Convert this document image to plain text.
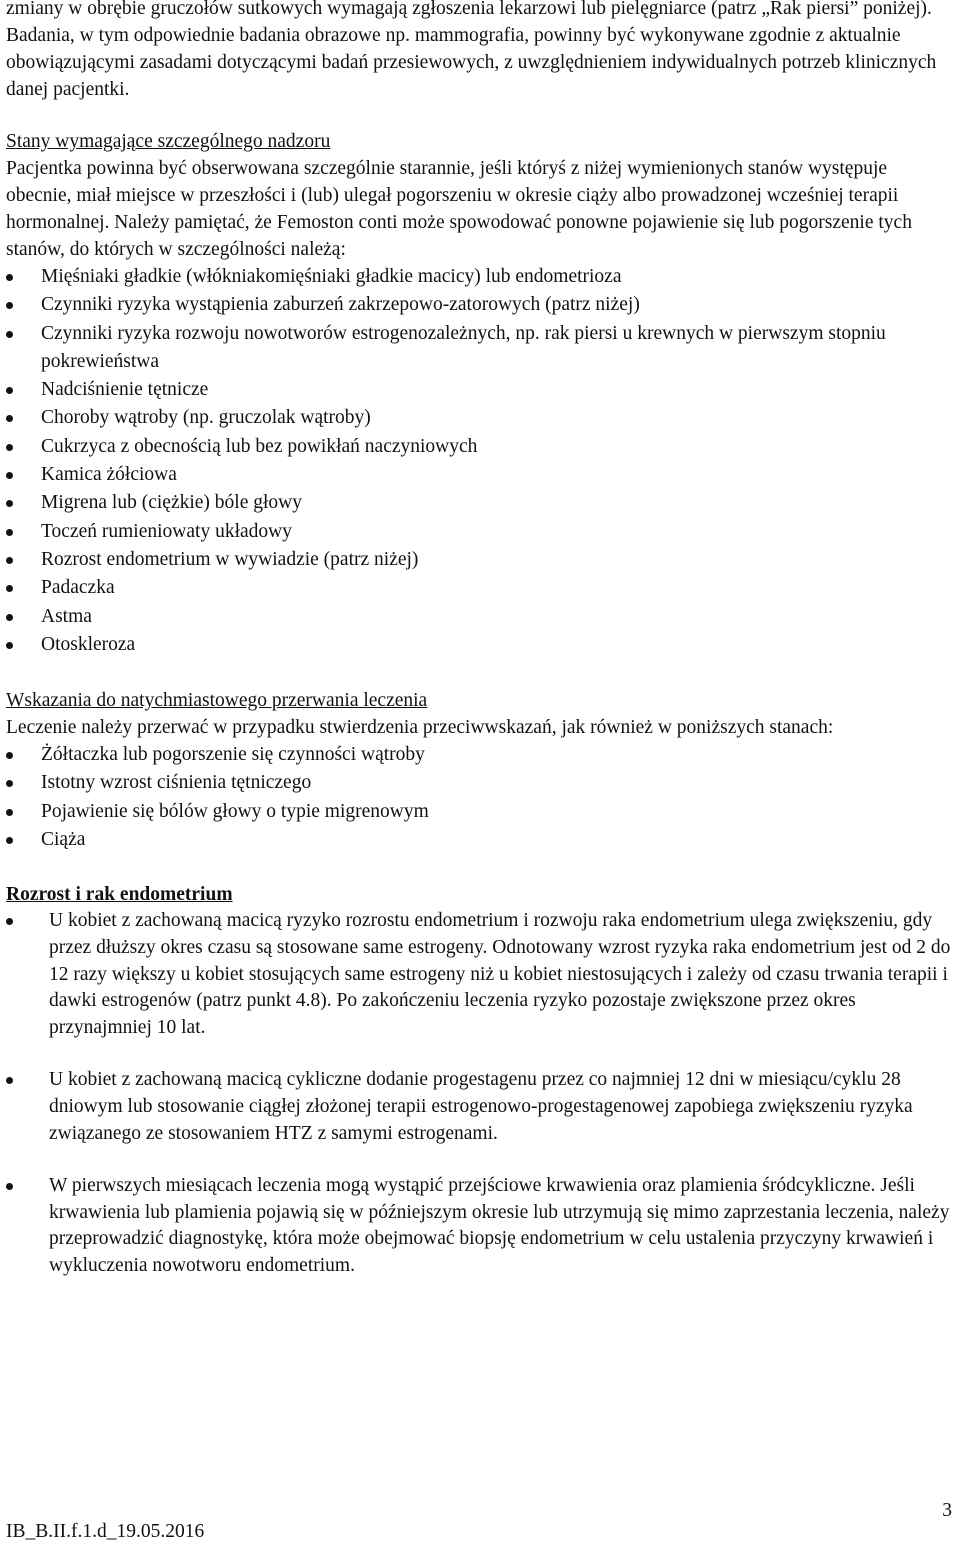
zmiany w obrębie gruczołów sutkowych wymagają zgłoszenia lekarzowi lub pielęgniarce (patrz „Rak piersi” poniżej). Badania, w tym odpowiednie badania obrazowe np. mammografia, powinny być wykonywane zgodnie z aktualnie obowiązującymi zasadami dotyczącymi badań przesiewowych, z uwzględnieniem indywidualnych potrzeb klinicznych danej pacjentki.

Stany wymagające szczególnego nadzoru

Pacjentka powinna być obserwowana szczególnie starannie, jeśli któryś z niżej wymienionych stanów występuje obecnie, miał miejsce w przeszłości i (lub) ulegał pogorszeniu w okresie ciąży albo prowadzonej wcześniej terapii hormonalnej. Należy pamiętać, że Femoston conti może spowodować ponowne pojawienie się lub pogorszenie tych stanów, do których w szczególności należą:

Mięśniaki gładkie (włókniakomięśniaki gładkie macicy) lub endometrioza
Czynniki ryzyka wystąpienia zaburzeń zakrzepowo-zatorowych (patrz niżej)
Czynniki ryzyka rozwoju nowotworów estrogenozależnych, np. rak piersi u krewnych w pierwszym stopniu pokrewieństwa
Nadciśnienie tętnicze
Choroby wątroby (np. gruczolak wątroby)
Cukrzyca z obecnością lub bez powikłań naczyniowych
Kamica żółciowa
Migrena lub (ciężkie) bóle głowy
Toczeń rumieniowaty układowy
Rozrost endometrium w wywiadzie (patrz niżej)
Padaczka
Astma
Otoskleroza

Wskazania do natychmiastowego przerwania leczenia

Leczenie należy przerwać w przypadku stwierdzenia przeciwwskazań, jak również w poniższych stanach:

Żółtaczka lub pogorszenie się czynności wątroby
Istotny wzrost ciśnienia tętniczego
Pojawienie się bólów głowy o typie migrenowym
Ciąża

Rozrost i rak endometrium

U kobiet z zachowaną macicą ryzyko rozrostu endometrium i rozwoju raka endometrium ulega zwiększeniu, gdy przez dłuższy okres czasu są stosowane same estrogeny. Odnotowany wzrost ryzyka raka endometrium jest od 2 do 12 razy większy u kobiet stosujących same estrogeny niż u kobiet niestosujących i zależy od czasu trwania terapii i dawki estrogenów (patrz punkt 4.8). Po zakończeniu leczenia ryzyko pozostaje zwiększone przez okres przynajmniej 10 lat.
U kobiet z zachowaną macicą cykliczne dodanie progestagenu przez co najmniej 12 dni w miesiącu/cyklu 28 dniowym lub stosowanie ciągłej złożonej terapii estrogenowo-progestagenowej zapobiega zwiększeniu ryzyka związanego ze stosowaniem HTZ z samymi estrogenami.
W pierwszych miesiącach leczenia mogą wystąpić przejściowe krwawienia oraz plamienia śródcykliczne. Jeśli krwawienia lub plamienia pojawią się w późniejszym okresie lub utrzymują się mimo zaprzestania leczenia, należy przeprowadzić diagnostykę, która może obejmować biopsję endometrium w celu ustalenia przyczyny krwawień i wykluczenia nowotworu endometrium.
3
IB_B.II.f.1.d_19.05.2016
